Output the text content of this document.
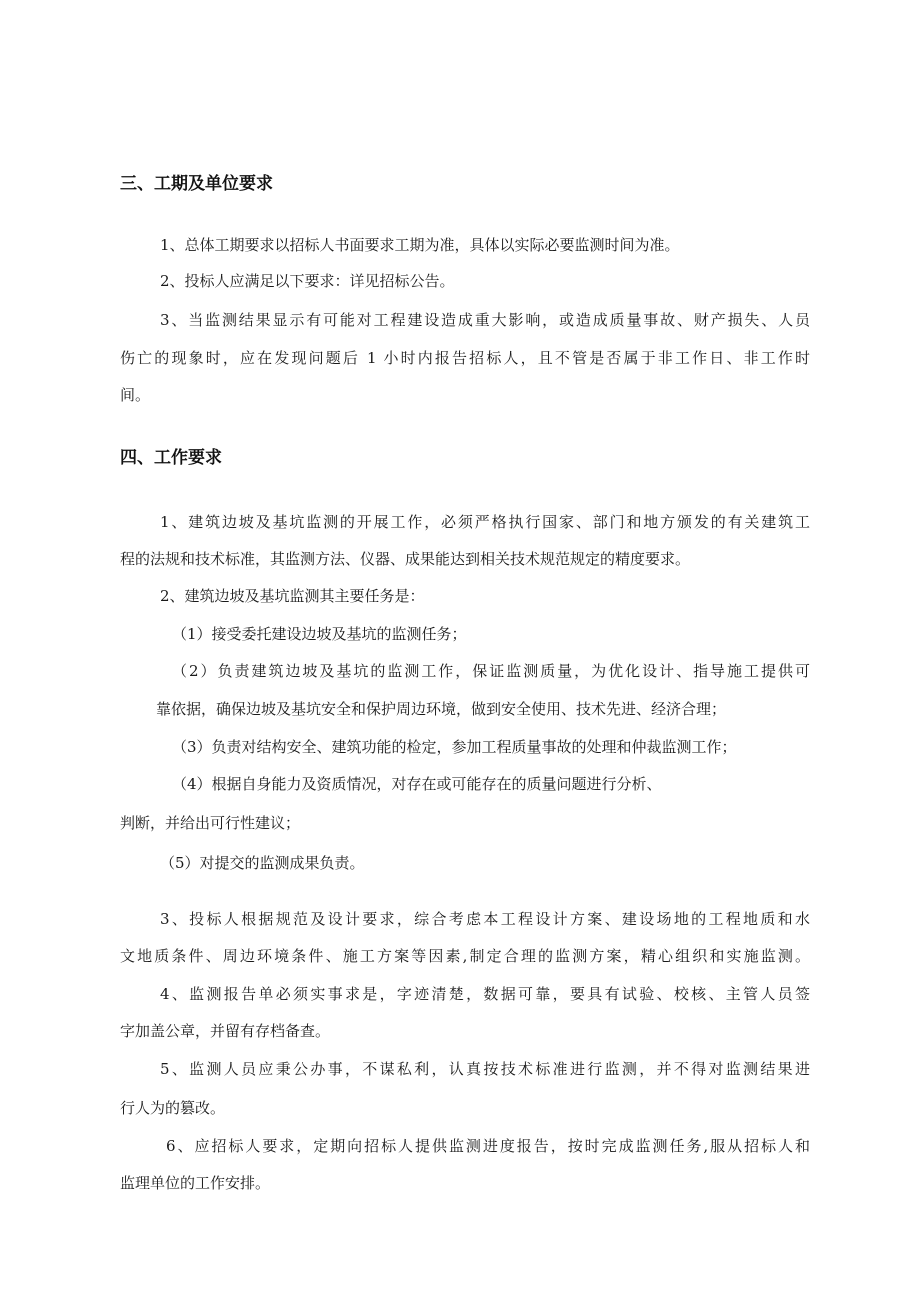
三、工期及单位要求
1、总体工期要求以招标人书面要求工期为准，具体以实际必要监测时间为准。
2、投标人应满足以下要求：详见招标公告。
3、当监测结果显示有可能对工程建设造成重大影响，或造成质量事故、财产损失、人员
伤亡的现象时，应在发现问题后 1 小时内报告招标人，且不管是否属于非工作日、非工作时
间。
四、工作要求
1、建筑边坡及基坑监测的开展工作，必须严格执行国家、部门和地方颁发的有关建筑工
程的法规和技术标准，其监测方法、仪器、成果能达到相关技术规范规定的精度要求。
2、建筑边坡及基坑监测其主要任务是：
（1）接受委托建设边坡及基坑的监测任务；
（2）负责建筑边坡及基坑的监测工作，保证监测质量，为优化设计、指导施工提供可
靠依据，确保边坡及基坑安全和保护周边环境，做到安全使用、技术先进、经济合理；
（3）负责对结构安全、建筑功能的检定，参加工程质量事故的处理和仲裁监测工作；
（4）根据自身能力及资质情况，对存在或可能存在的质量问题进行分析、
判断，并给出可行性建议；
（5）对提交的监测成果负责。
3、投标人根据规范及设计要求，综合考虑本工程设计方案、建设场地的工程地质和水
文地质条件、周边环境条件、施工方案等因素,制定合理的监测方案，精心组织和实施监测。
4、监测报告单必须实事求是，字迹清楚，数据可靠，要具有试验、校核、主管人员签
字加盖公章，并留有存档备查。
5、监测人员应秉公办事，不谋私利，认真按技术标准进行监测，并不得对监测结果进
行人为的篡改。
6、应招标人要求，定期向招标人提供监测进度报告，按时完成监测任务,服从招标人和
监理单位的工作安排。
